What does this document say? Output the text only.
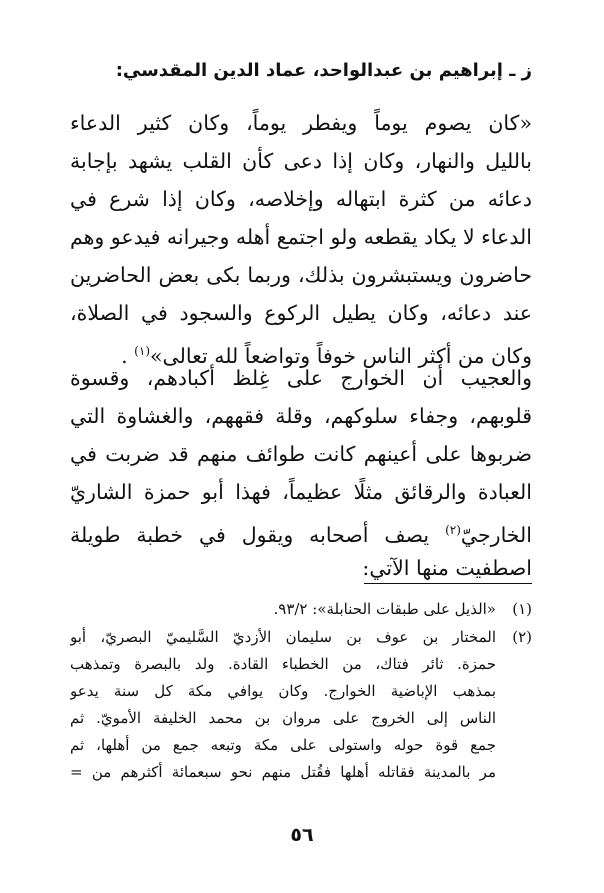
ز ـ إبراهيم بن عبدالواحد، عماد الدين المقدسي:
«كان يصوم يوماً ويفطر يوماً، وكان كثير الدعاء
بالليل والنهار، وكان إذا دعى كأن القلب يشهد بإجابة
دعائه من كثرة ابتهاله وإخلاصه، وكان إذا شرع في
الدعاء لا يكاد يقطعه ولو اجتمع أهله وجيرانه فيدعو وهم
حاضرون ويستبشرون بذلك، وربما بكى بعض الحاضرين
عند دعائه، وكان يطيل الركوع والسجود في الصلاة،
وكان من أكثر الناس خوفاً وتواضعاً لله تعالى»$^{(١)}$ .
والعجيب أن الخوارج على غِلظ أكبادهم، وقسوة
قلوبهم، وجفاء سلوكهم، وقلة فقههم، والغشاوة التي
ضربوها على أعينهم كانت طوائف منهم قد ضربت في
العبادة والرقائق مثلًا عظيماً، فهذا أبو حمزة الشاريّ
الخارجيّ$^{(٢)}$ يصف أصحابه ويقول في خطبة طويلة
اصطفيت منها الآتي:
(١)
«الذيل على طبقات الحنابلة»: ٩٣/٢.
(٢)
المختار بن عوف بن سليمان الأزديّ السَّليميّ البصريّ، أبو
حمزة. ثائر فتاك، من الخطباء القادة. ولد بالبصرة وتمذهب
بمذهب الإباضية الخوارج. وكان يوافي مكة كل سنة يدعو
الناس إلى الخروج على مروان بن محمد الخليفة الأمويّ. ثم
جمع قوة حوله واستولى على مكة وتبعه جمع من أهلها، ثم
مر بالمدينة فقاتله أهلها فقُتل منهم نحو سبعمائة أكثرهم من =
٥٦
